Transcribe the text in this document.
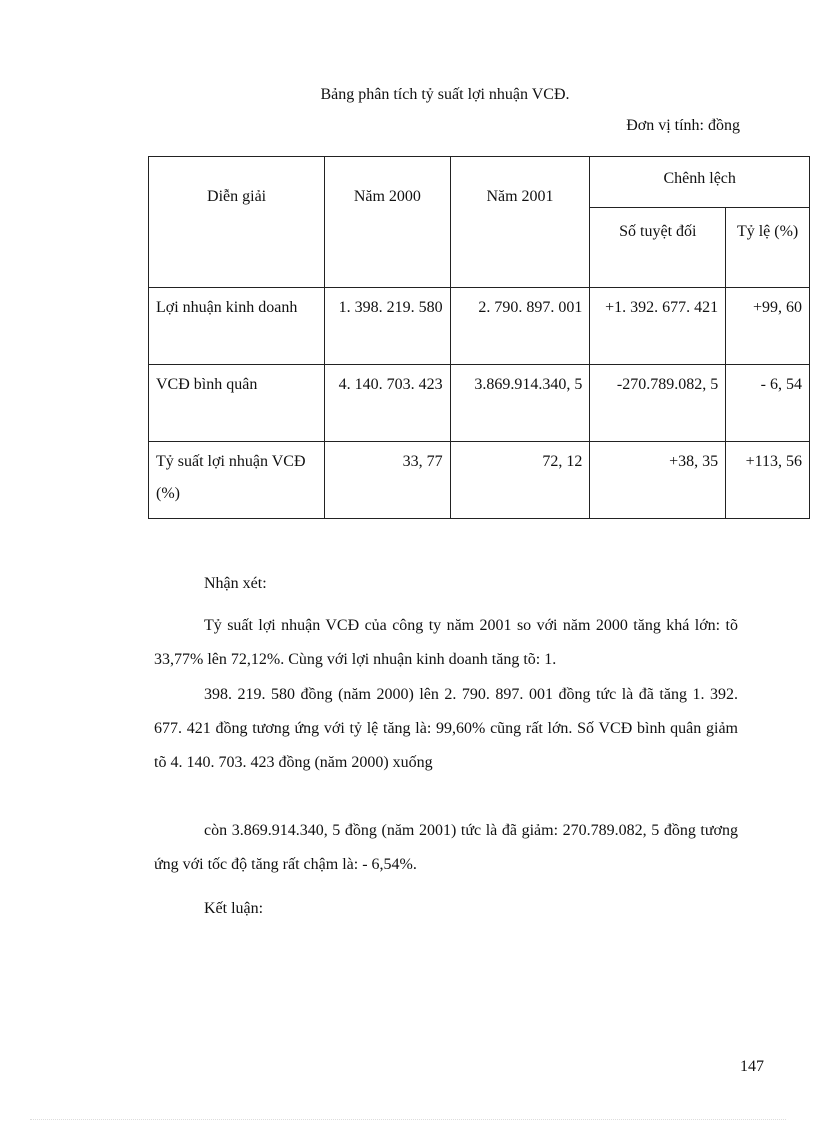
Bảng phân tích tỷ suất lợi nhuận VCĐ.
Đơn vị tính: đồng
Diễn giải	Năm 2000	Năm 2001	Chênh lệch	
			Số tuyệt đối	Tỷ lệ (%)
Lợi nhuận kinh doanh	1. 398. 219. 580	2. 790. 897. 001	+1. 392. 677. 421	+99, 60
VCĐ bình quân	4. 140. 703. 423	3.869.914.340, 5	-270.789.082, 5	- 6, 54
Tỷ suất lợi nhuận VCĐ (%)	33, 77	72, 12	+38, 35	+113, 56
Nhận xét:
Tỷ suất lợi nhuận VCĐ của công ty năm 2001 so với năm 2000 tăng khá lớn: tõ 33,77% lên 72,12%. Cùng với lợi nhuận kinh doanh tăng tõ: 1.
398. 219. 580 đồng (năm 2000) lên 2. 790. 897. 001 đồng tức là đã tăng 1. 392. 677. 421 đồng tương ứng với tỷ lệ tăng là: 99,60% cũng rất lớn. Số VCĐ bình quân giảm tõ 4. 140. 703. 423 đồng (năm 2000) xuống
còn 3.869.914.340, 5 đồng (năm 2001) tức là đã giảm: 270.789.082, 5 đồng tương ứng với tốc độ tăng rất chậm là: - 6,54%.
Kết luận:
147
